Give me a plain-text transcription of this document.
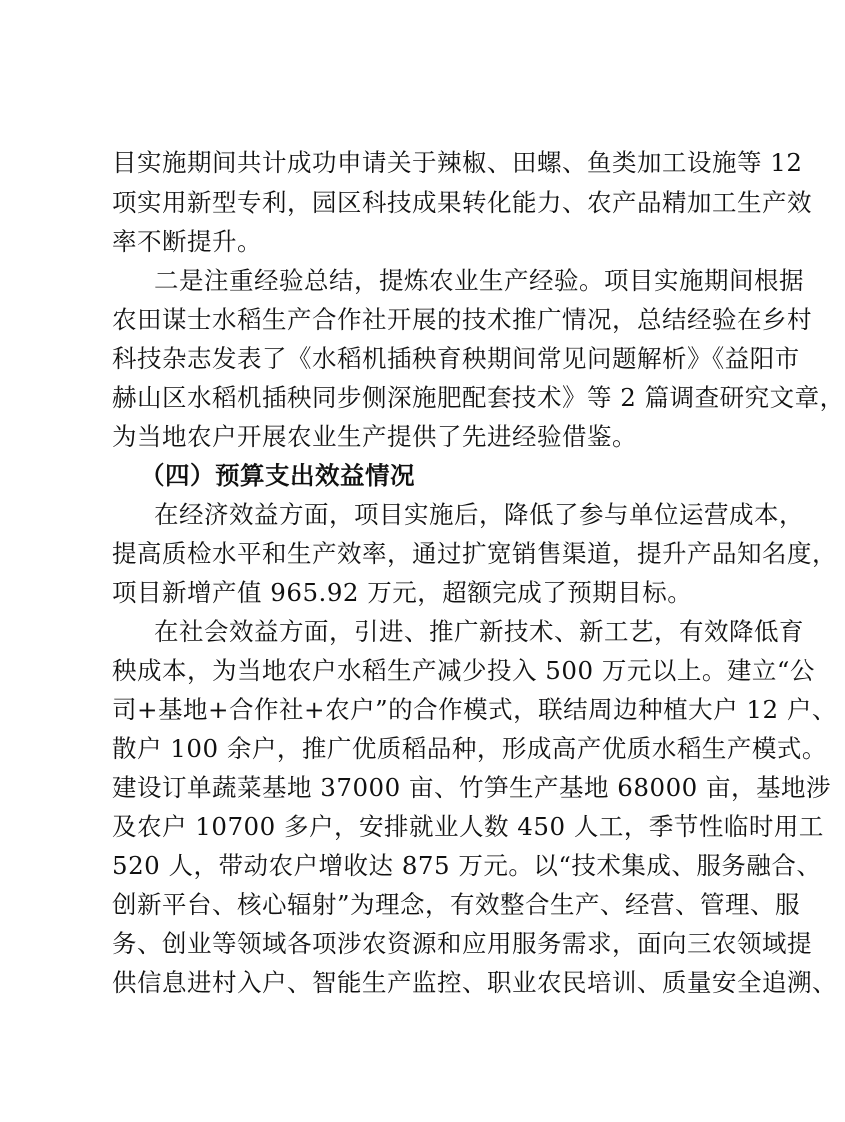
目实施期间共计成功申请关于辣椒、田螺、鱼类加工设施等 12
项实用新型专利，园区科技成果转化能力、农产品精加工生产效
率不断提升。
二是注重经验总结，提炼农业生产经验。项目实施期间根据
农田谋士水稻生产合作社开展的技术推广情况，总结经验在乡村
科技杂志发表了《水稻机插秧育秧期间常见问题解析》《益阳市
赫山区水稻机插秧同步侧深施肥配套技术》等 2 篇调查研究文章，
为当地农户开展农业生产提供了先进经验借鉴。
（四）预算支出效益情况
在经济效益方面，项目实施后，降低了参与单位运营成本，
提高质检水平和生产效率，通过扩宽销售渠道，提升产品知名度，
项目新增产值 965.92 万元，超额完成了预期目标。
在社会效益方面，引进、推广新技术、新工艺，有效降低育
秧成本，为当地农户水稻生产减少投入 500 万元以上。建立“公
司+基地+合作社+农户”的合作模式，联结周边种植大户 12 户、
散户 100 余户，推广优质稻品种，形成高产优质水稻生产模式。
建设订单蔬菜基地 37000 亩、竹笋生产基地 68000 亩，基地涉
及农户 10700 多户，安排就业人数 450 人工，季节性临时用工
520 人，带动农户增收达 875 万元。以“技术集成、服务融合、
创新平台、核心辐射”为理念，有效整合生产、经营、管理、服
务、创业等领域各项涉农资源和应用服务需求，面向三农领域提
供信息进村入户、智能生产监控、职业农民培训、质量安全追溯、
